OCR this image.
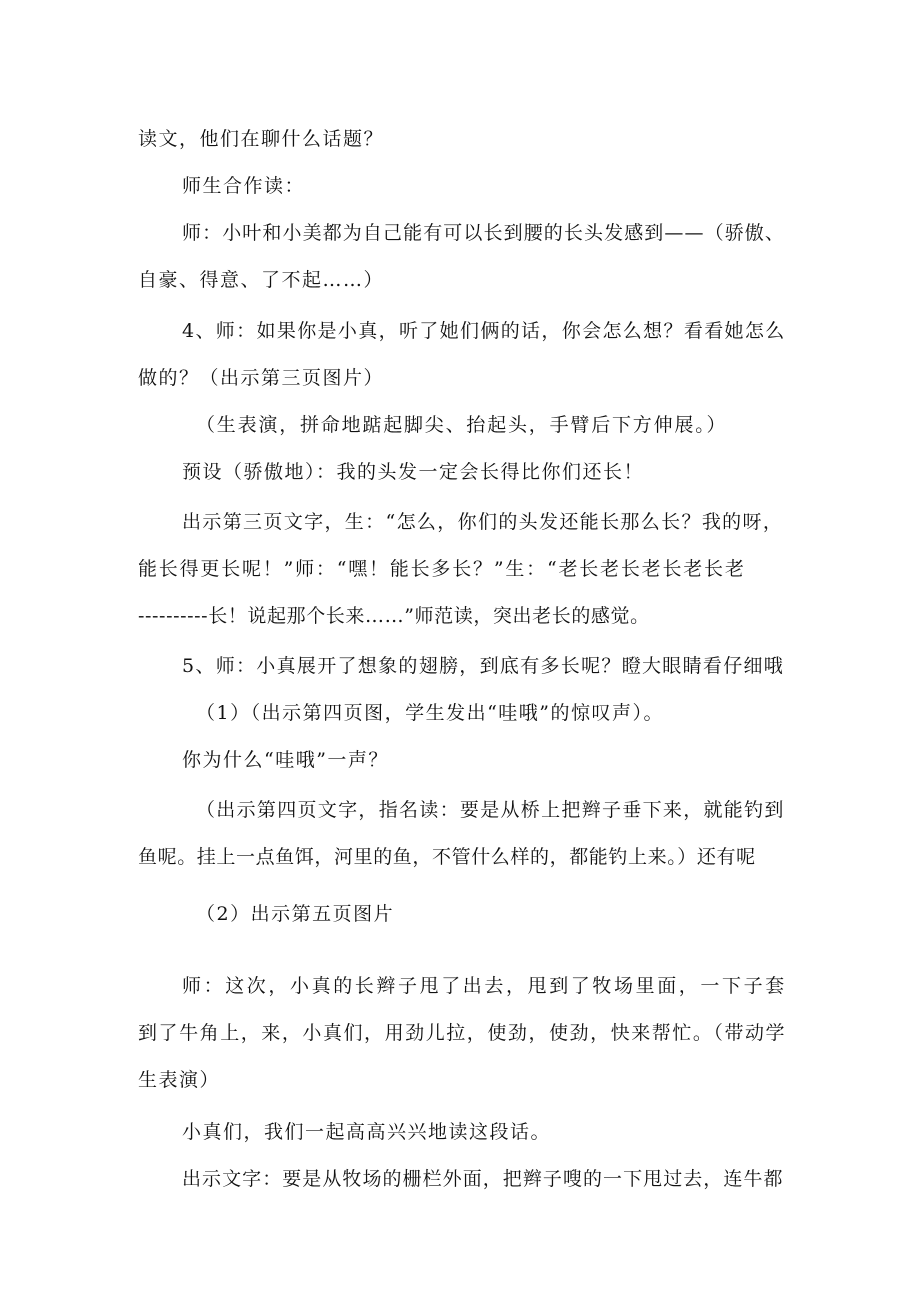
读文，他们在聊什么话题？
师生合作读：
师：小叶和小美都为自己能有可以长到腰的长头发感到——（骄傲、
自豪、得意、了不起……）
4、师：如果你是小真，听了她们俩的话，你会怎么想？看看她怎么
做的？（出示第三页图片）
（生表演，拼命地踮起脚尖、抬起头，手臂后下方伸展。）
预设（骄傲地）：我的头发一定会长得比你们还长！
出示第三页文字，生：“怎么，你们的头发还能长那么长？我的呀，
能长得更长呢！”师：“嘿！能长多长？”生：“老长老长老长老长老
----------长！说起那个长来……”师范读，突出老长的感觉。
5、师：小真展开了想象的翅膀，到底有多长呢？瞪大眼睛看仔细哦
（1）（出示第四页图，学生发出“哇哦”的惊叹声）。
你为什么“哇哦”一声？
（出示第四页文字，指名读：要是从桥上把辫子垂下来，就能钓到
鱼呢。挂上一点鱼饵，河里的鱼，不管什么样的，都能钓上来。）还有呢
（2）出示第五页图片
师：这次，小真的长辫子甩了出去，甩到了牧场里面，一下子套
到了牛角上，来，小真们，用劲儿拉，使劲，使劲，快来帮忙。（带动学
生表演）
小真们，我们一起高高兴兴地读这段话。
出示文字：要是从牧场的栅栏外面，把辫子嗖的一下甩过去，连牛都
